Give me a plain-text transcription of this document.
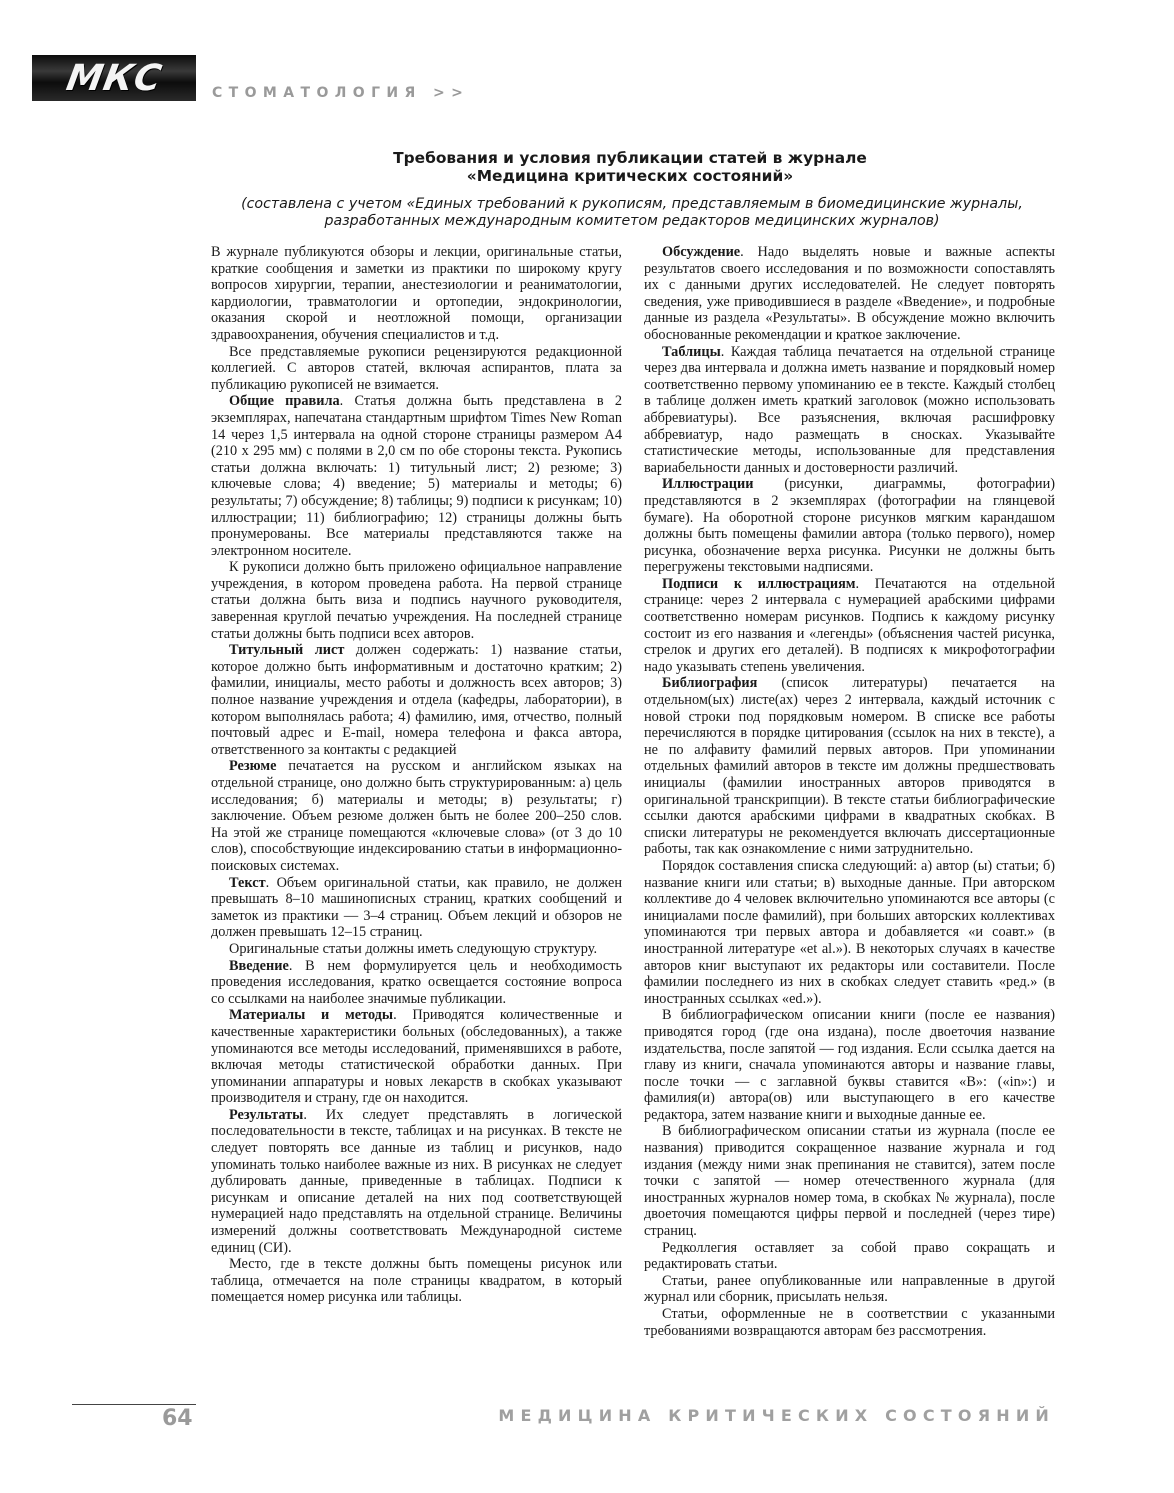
МКС	СТОМАТОЛОГИЯ >>
Требования и условия публикации статей в журнале
«Медицина критических состояний»
(составлена с учетом «Единых требований к рукописям, представляемым в биомедицинские журналы,
разработанных международным комитетом редакторов медицинских журналов)

В журнале публикуются обзоры и лекции, оригинальные статьи, краткие сообщения и заметки из практики по широкому кругу вопросов хирургии, терапии, анестезиологии и реаниматологии, кардиологии, травматологии и ортопедии, эндокринологии, оказания скорой и неотложной помощи, организации здравоохранения, обучения специалистов и т.д.

Все представляемые рукописи рецензируются редакционной коллегией. С авторов статей, включая аспирантов, плата за публикацию рукописей не взимается.

Общие правила. Статья должна быть представлена в 2 экземплярах, напечатана стандартным шрифтом Times New Roman 14 через 1,5 интервала на одной стороне страницы размером А4 (210 х 295 мм) с полями в 2,0 см по обе стороны текста. Рукопись статьи должна включать: 1) титульный лист; 2) резюме; 3) ключевые слова; 4) введение; 5) материалы и методы; 6) результаты; 7) обсуждение; 8) таблицы; 9) подписи к рисункам; 10) иллюстрации; 11) библиографию; 12) страницы должны быть пронумерованы. Все материалы представляются также на электронном носителе.

К рукописи должно быть приложено официальное направление учреждения, в котором проведена работа. На первой странице статьи должна быть виза и подпись научного руководителя, заверенная круглой печатью учреждения. На последней странице статьи должны быть подписи всех авторов.

Титульный лист должен содержать: 1) название статьи, которое должно быть информативным и достаточно кратким; 2) фамилии, инициалы, место работы и должность всех авторов; 3) полное название учреждения и отдела (кафедры, лаборатории), в котором выполнялась работа; 4) фамилию, имя, отчество, полный почтовый адрес и E-mail, номера телефона и факса автора, ответственного за контакты с редакцией

Резюме печатается на русском и английском языках на отдельной странице, оно должно быть структурированным: а) цель исследования; б) материалы и методы; в) результаты; г) заключение. Объем резюме должен быть не более 200–250 слов. На этой же странице помещаются «ключевые слова» (от 3 до 10 слов), способствующие индексированию статьи в информационно-поисковых системах.

Текст. Объем оригинальной статьи, как правило, не должен превышать 8–10 машинописных страниц, кратких сообщений и заметок из практики — 3–4 страниц. Объем лекций и обзоров не должен превышать 12–15 страниц.

Оригинальные статьи должны иметь следующую структуру.

Введение. В нем формулируется цель и необходимость проведения исследования, кратко освещается состояние вопроса со ссылками на наиболее значимые публикации.

Материалы и методы. Приводятся количественные и качественные характеристики больных (обследованных), а также упоминаются все методы исследований, применявшихся в работе, включая методы статистической обработки данных. При упоминании аппаратуры и новых лекарств в скобках указывают производителя и страну, где он находится.

Результаты. Их следует представлять в логической последовательности в тексте, таблицах и на рисунках. В тексте не следует повторять все данные из таблиц и рисунков, надо упоминать только наиболее важные из них. В рисунках не следует дублировать данные, приведенные в таблицах. Подписи к рисункам и описание деталей на них под соответствующей нумерацией надо представлять на отдельной странице. Величины измерений должны соответствовать Международной системе единиц (СИ).

Место, где в тексте должны быть помещены рисунок или таблица, отмечается на поле страницы квадратом, в который помещается номер рисунка или таблицы.

Обсуждение. Надо выделять новые и важные аспекты результатов своего исследования и по возможности сопоставлять их с данными других исследователей. Не следует повторять сведения, уже приводившиеся в разделе «Введение», и подробные данные из раздела «Результаты». В обсуждение можно включить обоснованные рекомендации и краткое заключение.

Таблицы. Каждая таблица печатается на отдельной странице через два интервала и должна иметь название и порядковый номер соответственно первому упоминанию ее в тексте. Каждый столбец в таблице должен иметь краткий заголовок (можно использовать аббревиатуры). Все разъяснения, включая расшифровку аббревиатур, надо размещать в сносках. Указывайте статистические методы, использованные для представления вариабельности данных и достоверности различий.

Иллюстрации (рисунки, диаграммы, фотографии) представляются в 2 экземплярах (фотографии на глянцевой бумаге). На оборотной стороне рисунков мягким карандашом должны быть помещены фамилии автора (только первого), номер рисунка, обозначение верха рисунка. Рисунки не должны быть перегружены текстовыми надписями.

Подписи к иллюстрациям. Печатаются на отдельной странице: через 2 интервала с нумерацией арабскими цифрами соответственно номерам рисунков. Подпись к каждому рисунку состоит из его названия и «легенды» (объяснения частей рисунка, стрелок и других его деталей). В подписях к микрофотографии надо указывать степень увеличения.

Библиография (список литературы) печатается на отдельном(ых) листе(ах) через 2 интервала, каждый источник с новой строки под порядковым номером. В списке все работы перечисляются в порядке цитирования (ссылок на них в тексте), а не по алфавиту фамилий первых авторов. При упоминании отдельных фамилий авторов в тексте им должны предшествовать инициалы (фамилии иностранных авторов приводятся в оригинальной транскрипции). В тексте статьи библиографические ссылки даются арабскими цифрами в квадратных скобках. В списки литературы не рекомендуется включать диссертационные работы, так как ознакомление с ними затруднительно.

Порядок составления списка следующий: а) автор (ы) статьи; б) название книги или статьи; в) выходные данные. При авторском коллективе до 4 человек включительно упоминаются все авторы (с инициалами после фамилий), при больших авторских коллективах упоминаются три первых автора и добавляется «и соавт.» (в иностранной литературе «et al.»). В некоторых случаях в качестве авторов книг выступают их редакторы или составители. После фамилии последнего из них в скобках следует ставить «ред.» (в иностранных ссылках «ed.»).

В библиографическом описании книги (после ее названия) приводятся город (где она издана), после двоеточия название издательства, после запятой — год издания. Если ссылка дается на главу из книги, сначала упоминаются авторы и название главы, после точки — с заглавной буквы ставится «В»: («in»:) и фамилия(и) автора(ов) или выступающего в его качестве редактора, затем название книги и выходные данные ее.

В библиографическом описании статьи из журнала (после ее названия) приводится сокращенное название журнала и год издания (между ними знак препинания не ставится), затем после точки с запятой — номер отечественного журнала (для иностранных журналов номер тома, в скобках № журнала), после двоеточия помещаются цифры первой и последней (через тире) страниц.

Редколлегия оставляет за собой право сокращать и редактировать статьи.

Статьи, ранее опубликованные или направленные в другой журнал или сборник, присылать нельзя.

Статьи, оформленные не в соответствии с указанными требованиями возвращаются авторам без рассмотрения.

64	МЕДИЦИНА КРИТИЧЕСКИХ СОСТОЯНИЙ
